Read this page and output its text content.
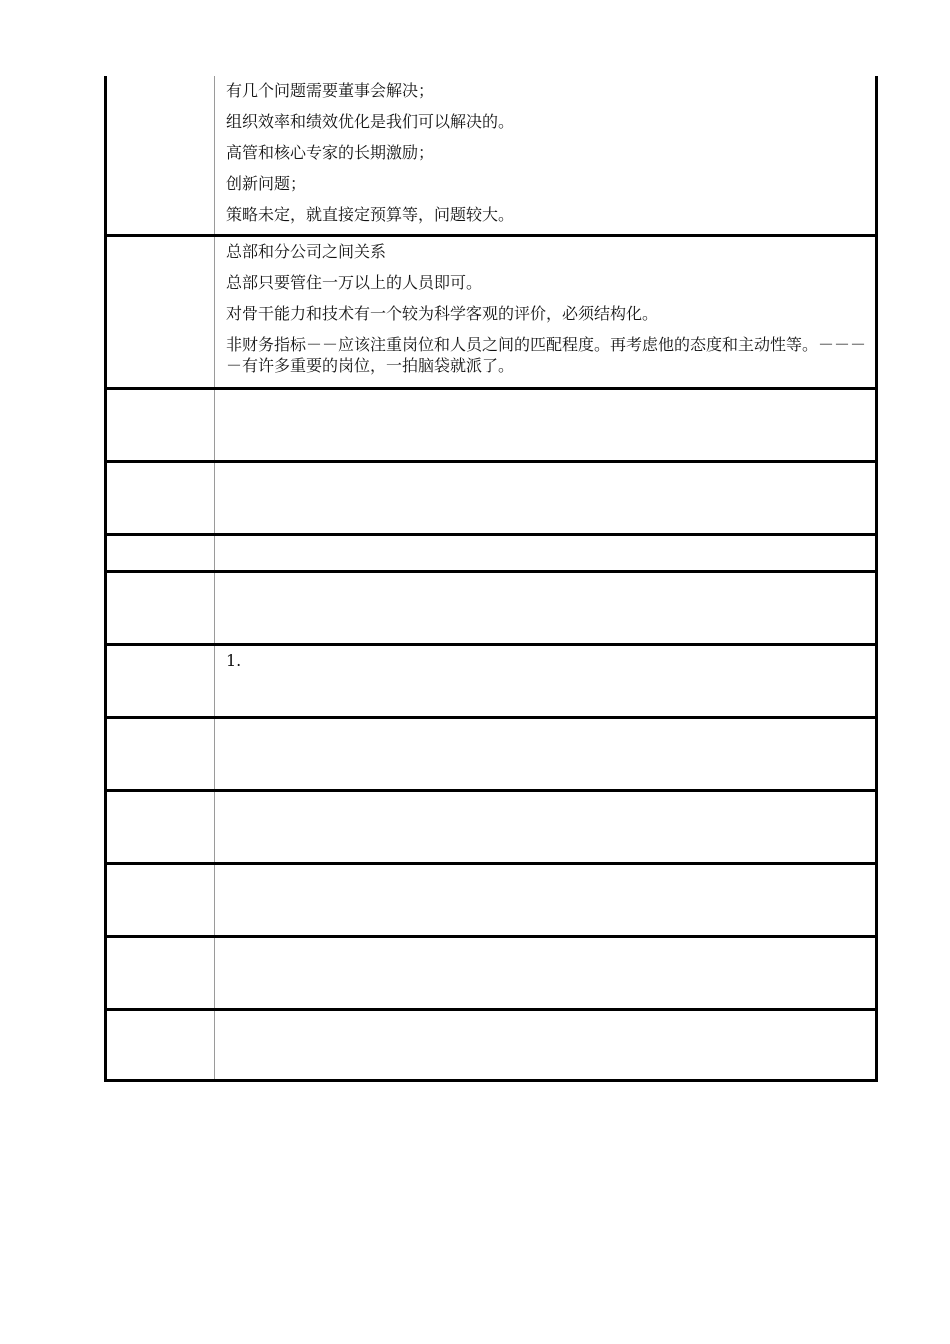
有几个问题需要董事会解决；

组织效率和绩效优化是我们可以解决的。

高管和核心专家的长期激励；

创新问题；

策略未定，就直接定预算等，问题较大。

总部和分公司之间关系

总部只要管住一万以上的人员即可。

对骨干能力和技术有一个较为科学客观的评价，必须结构化。

非财务指标－－应该注重岗位和人员之间的匹配程度。再考虑他的态度和主动性等。－－－－有许多重要的岗位，一拍脑袋就派了。

1.
